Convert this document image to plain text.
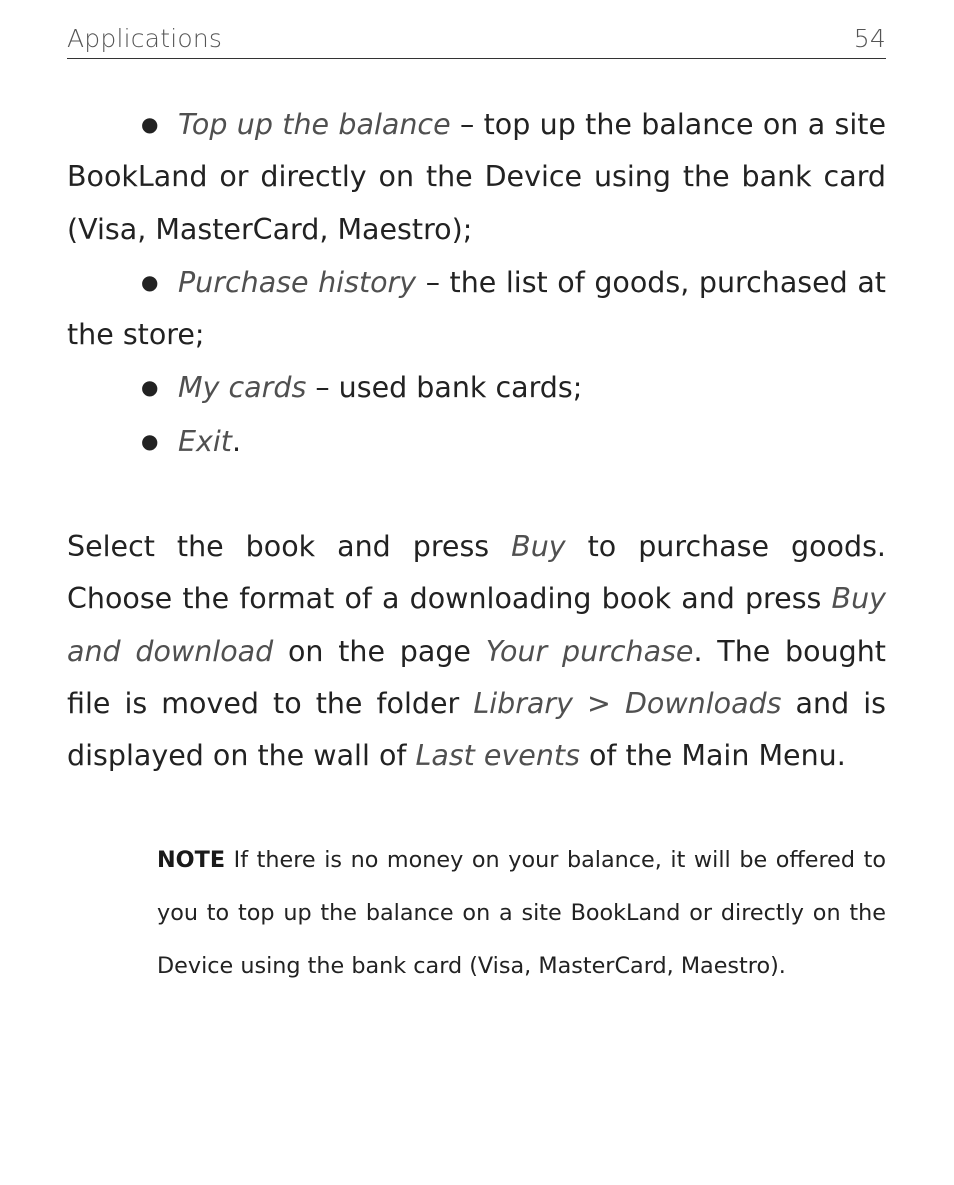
Applications	54

● Top up the balance – top up the balance on a site BookLand or directly on the Device using the bank card (Visa, MasterCard, Maestro);

● Purchase history – the list of goods, purchased at the store;

● My cards – used bank cards;

● Exit.

Select the book and press Buy to purchase goods. Choose the format of a downloading book and press Buy and download on the page Your purchase. The bought file is moved to the folder Library > Downloads and is displayed on the wall of Last events of the Main Menu.

NOTE If there is no money on your balance, it will be offered to you to top up the balance on a site BookLand or directly on the Device using the bank card (Visa, MasterCard, Maestro).
